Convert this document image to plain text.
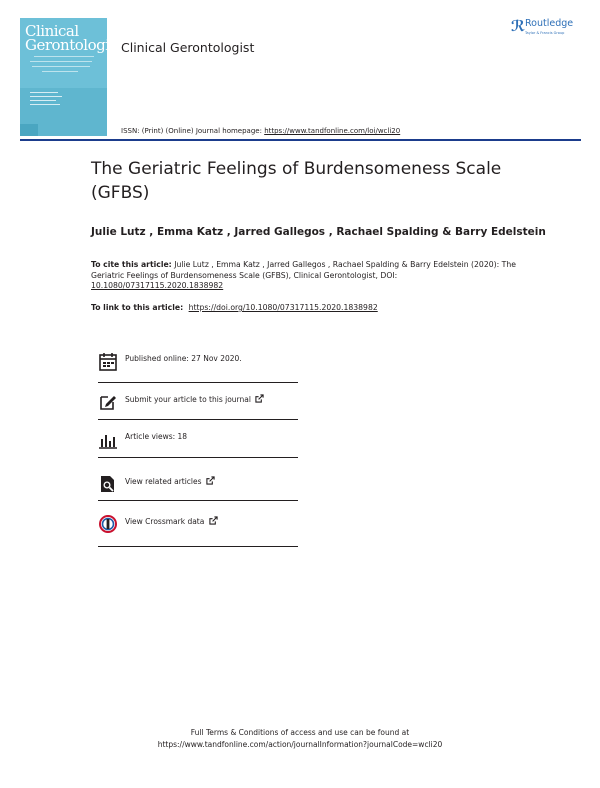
Clinical
Gerontologist
Clinical Gerontologist
ℛ Routledge
Taylor & Francis Group
ISSN: (Print) (Online) Journal homepage: https://www.tandfonline.com/loi/wcli20
The Geriatric Feelings of Burdensomeness Scale (GFBS)
Julie Lutz , Emma Katz , Jarred Gallegos , Rachael Spalding & Barry Edelstein
To cite this article: Julie Lutz , Emma Katz , Jarred Gallegos , Rachael Spalding & Barry Edelstein (2020): The Geriatric Feelings of Burdensomeness Scale (GFBS), Clinical Gerontologist, DOI: 10.1080/07317115.2020.1838982
To link to this article: https://doi.org/10.1080/07317115.2020.1838982
Published online: 27 Nov 2020.
Submit your article to this journal
Article views: 18
View related articles
View Crossmark data
Full Terms & Conditions of access and use can be found at
https://www.tandfonline.com/action/journalInformation?journalCode=wcli20
